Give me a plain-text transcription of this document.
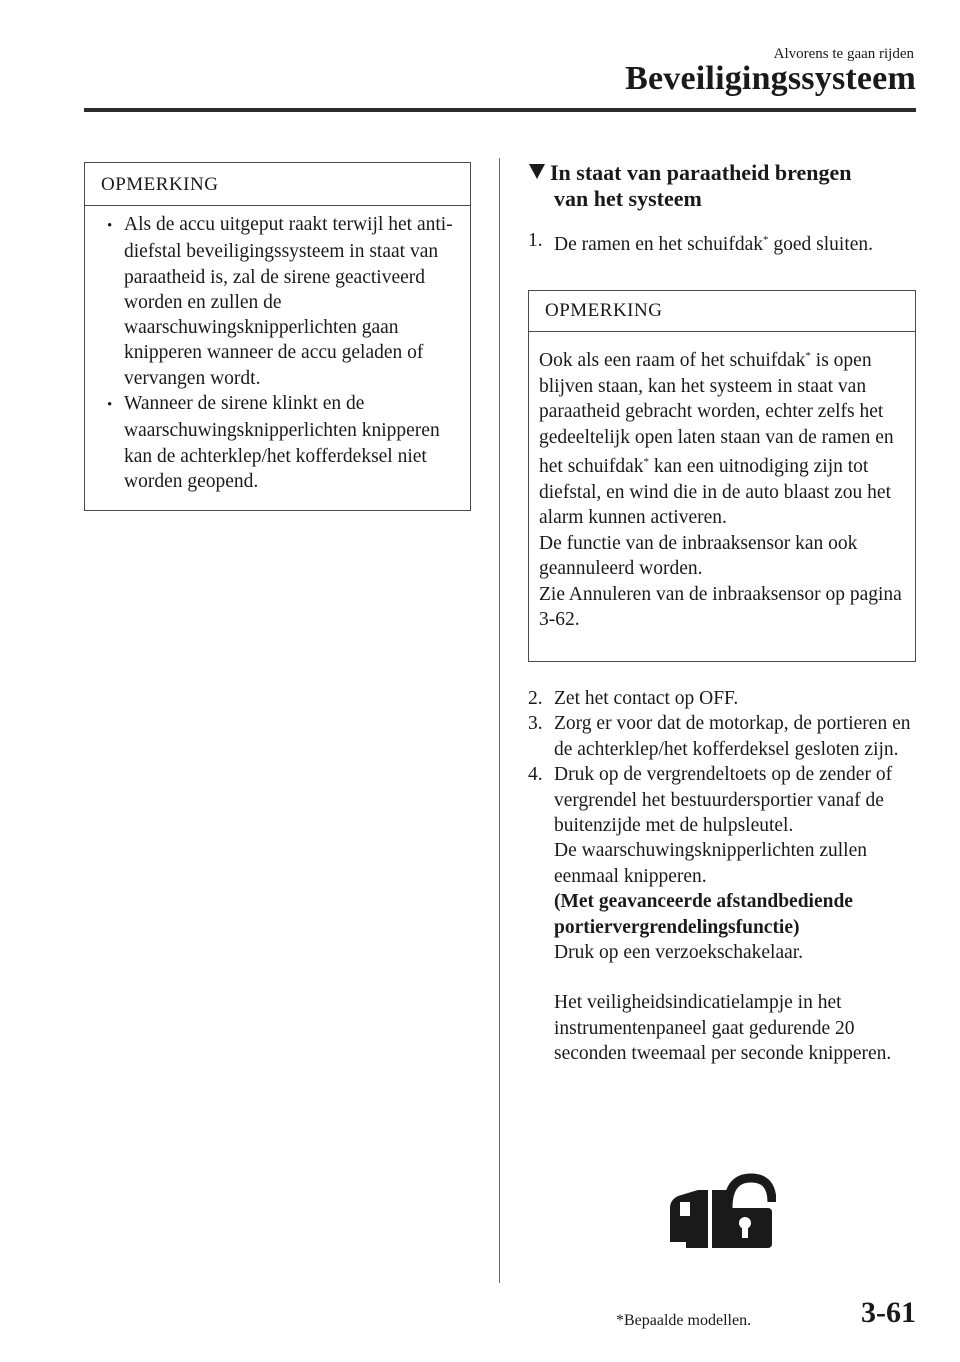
Alvorens te gaan rijden
Beveiligingssysteem
OPMERKING
• Als de accu uitgeput raakt terwijl het anti-diefstal beveiligingssysteem in staat van paraatheid is, zal de sirene geactiveerd worden en zullen de waarschuwingsknipperlichten gaan knipperen wanneer de accu geladen of vervangen wordt.
• Wanneer de sirene klinkt en de waarschuwingsknipperlichten knipperen kan de achterklep/het kofferdeksel niet worden geopend.
In staat van paraatheid brengen
van het systeem
1. De ramen en het schuifdak* goed sluiten.
OPMERKING
Ook als een raam of het schuifdak* is open blijven staan, kan het systeem in staat van paraatheid gebracht worden, echter zelfs het gedeeltelijk open laten staan van de ramen en het schuifdak* kan een uitnodiging zijn tot diefstal, en wind die in de auto blaast zou het alarm kunnen activeren.
De functie van de inbraaksensor kan ook geannuleerd worden.
Zie Annuleren van de inbraaksensor op pagina 3-62.
2. Zet het contact op OFF.
3. Zorg er voor dat de motorkap, de portieren en de achterklep/het kofferdeksel gesloten zijn.
4. Druk op de vergrendeltoets op de zender of vergrendel het bestuurdersportier vanaf de buitenzijde met de hulpsleutel.

De waarschuwingsknipperlichten zullen eenmaal knipperen.

(Met geavanceerde afstandbediende portiervergrendelingsfunctie)

Druk op een verzoekschakelaar.

Het veiligheidsindicatielampje in het instrumentenpaneel gaat gedurende 20 seconden tweemaal per seconde knipperen.

*Bepaalde modellen.	3-61
